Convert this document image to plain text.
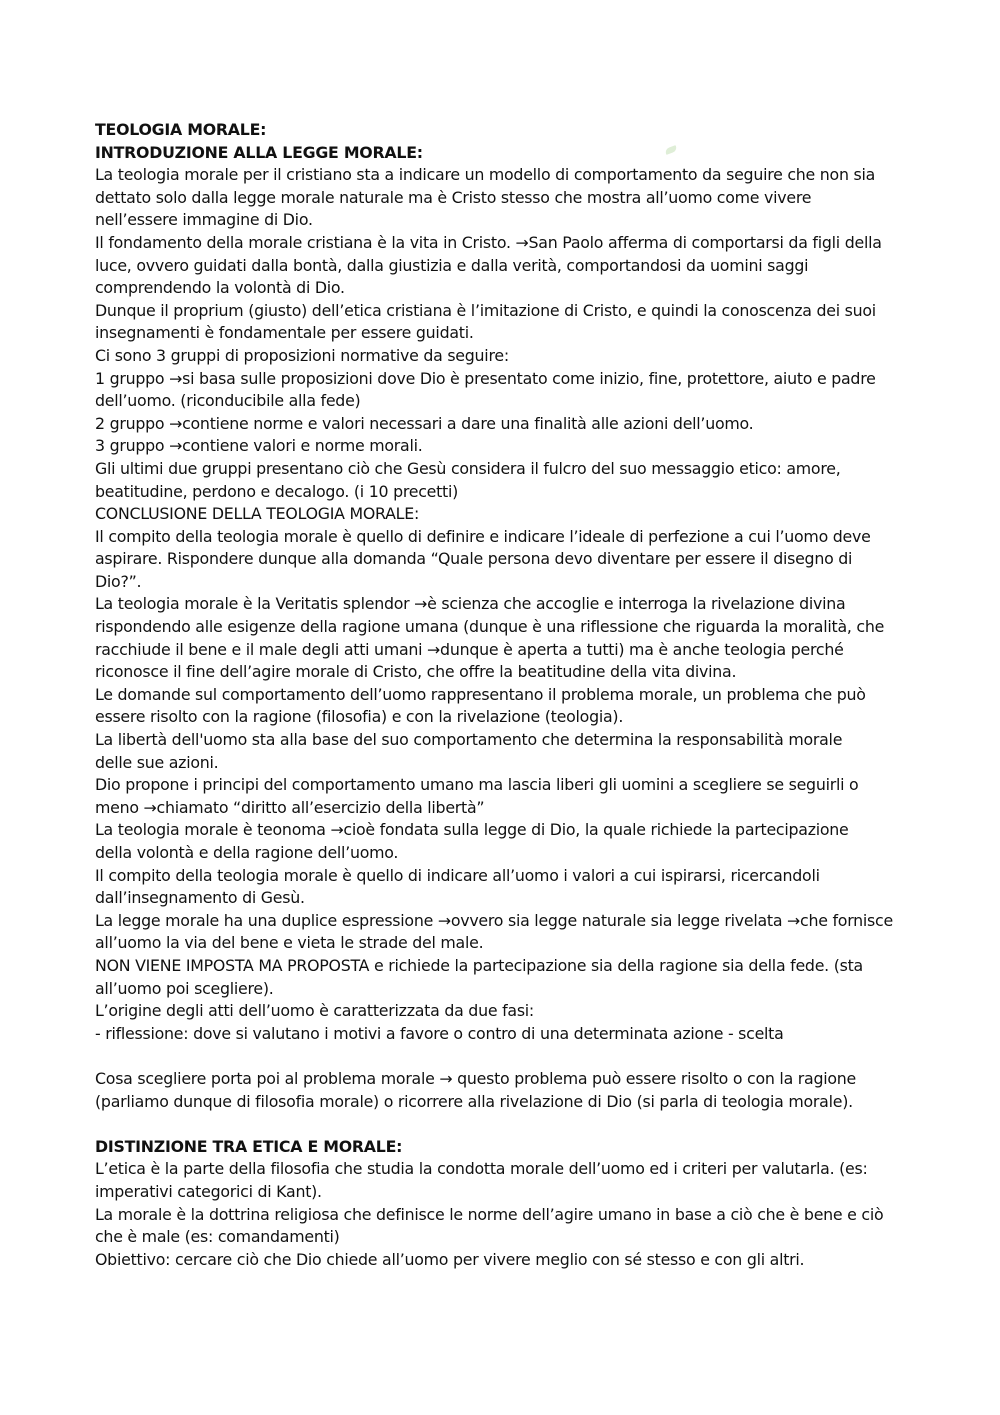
TEOLOGIA MORALE:
INTRODUZIONE ALLA LEGGE MORALE:
La teologia morale per il cristiano sta a indicare un modello di comportamento da seguire che non sia
dettato solo dalla legge morale naturale ma è Cristo stesso che mostra all’uomo come vivere
nell’essere immagine di Dio.
Il fondamento della morale cristiana è la vita in Cristo. →San Paolo afferma di comportarsi da figli della
luce, ovvero guidati dalla bontà, dalla giustizia e dalla verità, comportandosi da uomini saggi
comprendendo la volontà di Dio.
Dunque il proprium (giusto) dell’etica cristiana è l’imitazione di Cristo, e quindi la conoscenza dei suoi
insegnamenti è fondamentale per essere guidati.
Ci sono 3 gruppi di proposizioni normative da seguire:
1 gruppo →si basa sulle proposizioni dove Dio è presentato come inizio, fine, protettore, aiuto e padre
dell’uomo. (riconducibile alla fede)
2 gruppo →contiene norme e valori necessari a dare una finalità alle azioni dell’uomo.
3 gruppo →contiene valori e norme morali.
Gli ultimi due gruppi presentano ciò che Gesù considera il fulcro del suo messaggio etico: amore,
beatitudine, perdono e decalogo. (i 10 precetti)
CONCLUSIONE DELLA TEOLOGIA MORALE:
Il compito della teologia morale è quello di definire e indicare l’ideale di perfezione a cui l’uomo deve
aspirare. Rispondere dunque alla domanda “Quale persona devo diventare per essere il disegno di
Dio?”.
La teologia morale è la Veritatis splendor →è scienza che accoglie e interroga la rivelazione divina
rispondendo alle esigenze della ragione umana (dunque è una riflessione che riguarda la moralità, che
racchiude il bene e il male degli atti umani →dunque è aperta a tutti) ma è anche teologia perché
riconosce il fine dell’agire morale di Cristo, che offre la beatitudine della vita divina.
Le domande sul comportamento dell’uomo rappresentano il problema morale, un problema che può
essere risolto con la ragione (filosofia) e con la rivelazione (teologia).
La libertà dell'uomo sta alla base del suo comportamento che determina la responsabilità morale
delle sue azioni.
Dio propone i principi del comportamento umano ma lascia liberi gli uomini a scegliere se seguirli o
meno →chiamato “diritto all’esercizio della libertà”
La teologia morale è teonoma →cioè fondata sulla legge di Dio, la quale richiede la partecipazione
della volontà e della ragione dell’uomo.
Il compito della teologia morale è quello di indicare all’uomo i valori a cui ispirarsi, ricercandoli
dall’insegnamento di Gesù.
La legge morale ha una duplice espressione →ovvero sia legge naturale sia legge rivelata →che fornisce
all’uomo la via del bene e vieta le strade del male.
NON VIENE IMPOSTA MA PROPOSTA e richiede la partecipazione sia della ragione sia della fede. (sta
all’uomo poi scegliere).
L’origine degli atti dell’uomo è caratterizzata da due fasi:
- riflessione: dove si valutano i motivi a favore o contro di una determinata azione - scelta
Cosa scegliere porta poi al problema morale → questo problema può essere risolto o con la ragione
(parliamo dunque di filosofia morale) o ricorrere alla rivelazione di Dio (si parla di teologia morale).
DISTINZIONE TRA ETICA E MORALE:
L’etica è la parte della filosofia che studia la condotta morale dell’uomo ed i criteri per valutarla. (es:
imperativi categorici di Kant).
La morale è la dottrina religiosa che definisce le norme dell’agire umano in base a ciò che è bene e ciò
che è male (es: comandamenti)
Obiettivo: cercare ciò che Dio chiede all’uomo per vivere meglio con sé stesso e con gli altri.
